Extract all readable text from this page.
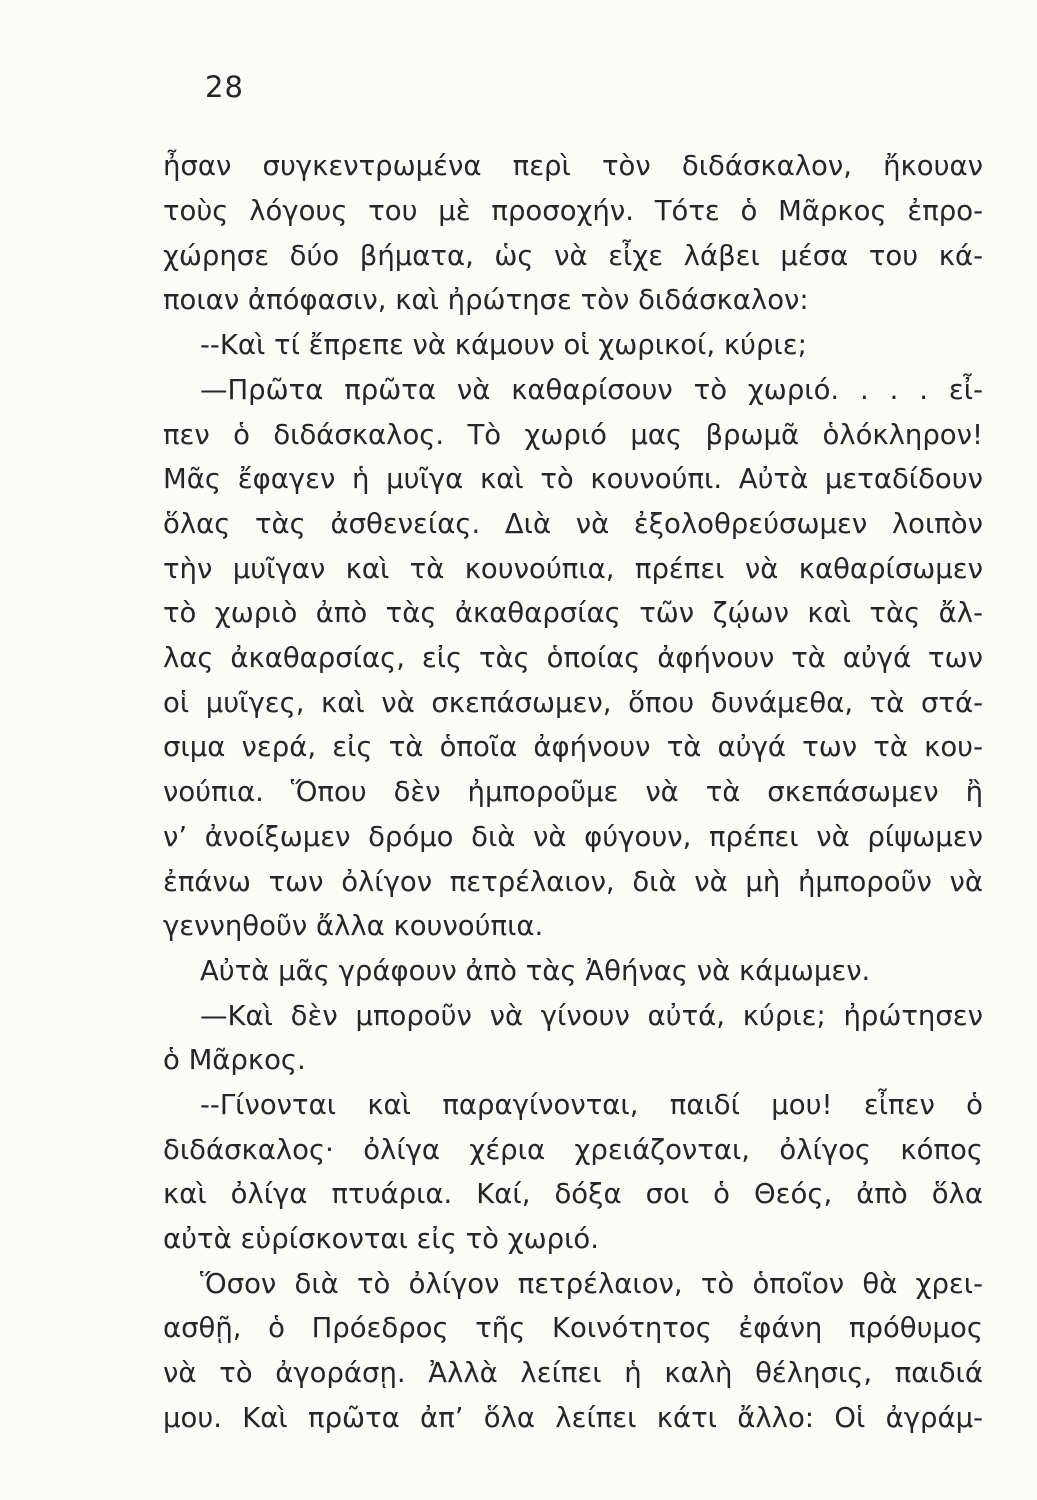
28
ἦσαν συγκεντρωμένα περὶ τὸν διδάσκαλον, ἤκουαν
τοὺς λόγους του μὲ προσοχήν. Τότε ὁ Μᾶρκος ἐπρο-
χώρησε δύο βήματα, ὡς νὰ εἶχε λάβει μέσα του κά-
ποιαν ἀπόφασιν, καὶ ἠρώτησε τὸν διδάσκαλον:
--Καὶ τί ἔπρεπε νὰ κάμουν οἱ χωρικοί, κύριε;
—Πρῶτα πρῶτα νὰ καθαρίσουν τὸ χωριό. . . . εἶ-
πεν ὁ διδάσκαλος. Τὸ χωριό μας βρωμᾶ ὁλόκληρον!
Μᾶς ἔφαγεν ἡ μυῖγα καὶ τὸ κουνούπι. Αὐτὰ μεταδίδουν
ὅλας τὰς ἀσθενείας. Διὰ νὰ ἐξολοθρεύσωμεν λοιπὸν
τὴν μυῖγαν καὶ τὰ κουνούπια, πρέπει νὰ καθαρίσωμεν
τὸ χωριὸ ἀπὸ τὰς ἀκαθαρσίας τῶν ζῴων καὶ τὰς ἄλ-
λας ἀκαθαρσίας, εἰς τὰς ὁποίας ἀφήνουν τὰ αὐγά των
οἱ μυῖγες, καὶ νὰ σκεπάσωμεν, ὅπου δυνάμεθα, τὰ στά-
σιμα νερά, εἰς τὰ ὁποῖα ἀφήνουν τὰ αὐγά των τὰ κου-
νούπια. Ὅπου δὲν ἠμποροῦμε νὰ τὰ σκεπάσωμεν ἢ
ν’ ἀνοίξωμεν δρόμο διὰ νὰ φύγουν, πρέπει νὰ ρίψωμεν
ἐπάνω των ὀλίγον πετρέλαιον, διὰ νὰ μὴ ἠμποροῦν νὰ
γεννηθοῦν ἄλλα κουνούπια.
Αὐτὰ μᾶς γράφουν ἀπὸ τὰς Ἀθήνας νὰ κάμωμεν.
—Καὶ δὲν μποροῦν νὰ γίνουν αὐτά, κύριε; ἠρώτησεν
ὁ Μᾶρκος.
--Γίνονται καὶ παραγίνονται, παιδί μου! εἶπεν ὁ
διδάσκαλος· ὀλίγα χέρια χρειάζονται, ὀλίγος κόπος
καὶ ὀλίγα πτυάρια. Καί, δόξα σοι ὁ Θεός, ἀπὸ ὅλα
αὐτὰ εὑρίσκονται εἰς τὸ χωριό.
Ὅσον διὰ τὸ ὀλίγον πετρέλαιον, τὸ ὁποῖον θὰ χρει-
ασθῇ, ὁ Πρόεδρος τῆς Κοινότητος ἐφάνη πρόθυμος
νὰ τὸ ἀγοράσῃ. Ἀλλὰ λείπει ἡ καλὴ θέλησις, παιδιά
μου. Καὶ πρῶτα ἀπ’ ὅλα λείπει κάτι ἄλλο: Οἱ ἀγράμ-
